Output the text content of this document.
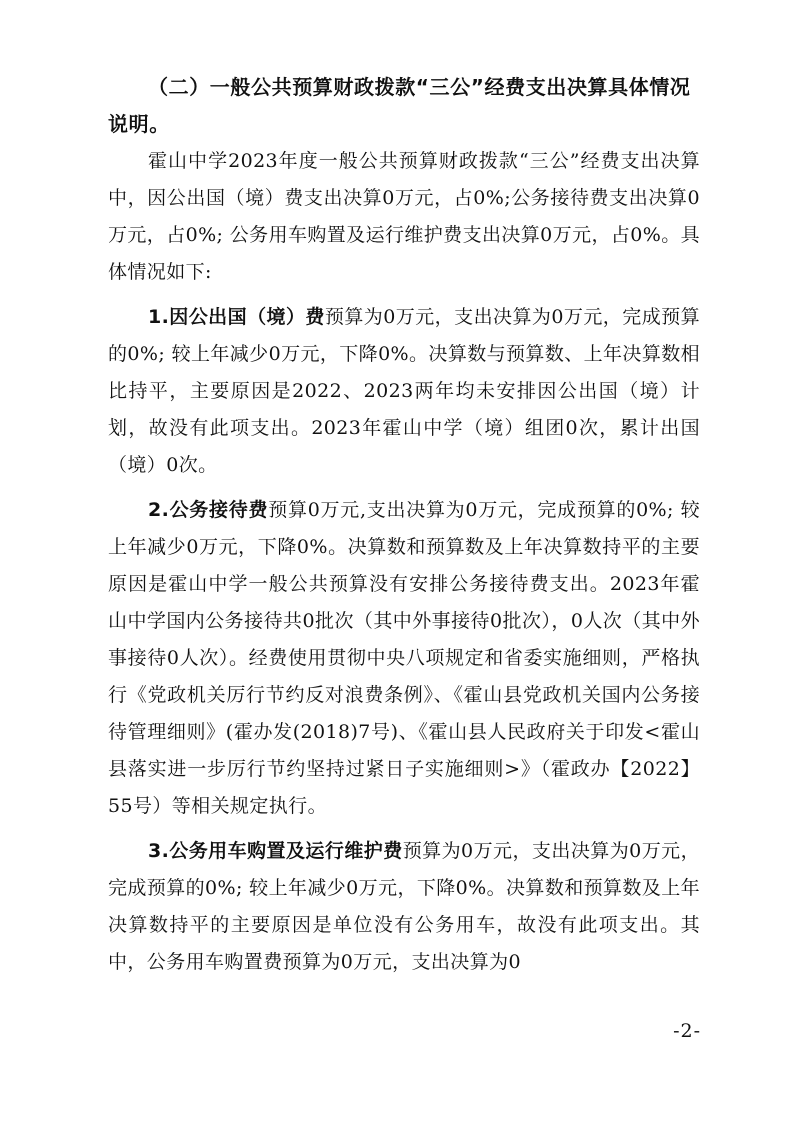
（二）一般公共预算财政拨款“三公”经费支出决算具体情况说明。

霍山中学2023年度一般公共预算财政拨款“三公”经费支出决算中，因公出国（境）费支出决算0万元，占0%;公务接待费支出决算0万元，占0%; 公务用车购置及运行维护费支出决算0万元，占0%。具体情况如下:

1.因公出国（境）费预算为0万元，支出决算为0万元，完成预算的0%; 较上年减少0万元，下降0%。决算数与预算数、上年决算数相比持平，主要原因是2022、2023两年均未安排因公出国（境）计划，故没有此项支出。2023年霍山中学（境）组团0次，累计出国（境）0次。

2.公务接待费预算0万元,支出决算为0万元，完成预算的0%; 较上年减少0万元，下降0%。决算数和预算数及上年决算数持平的主要原因是霍山中学一般公共预算没有安排公务接待费支出。2023年霍山中学国内公务接待共0批次（其中外事接待0批次），0人次（其中外事接待0人次）。经费使用贯彻中央八项规定和省委实施细则，严格执行《党政机关厉行节约反对浪费条例》、《霍山县党政机关国内公务接待管理细则》(霍办发(2018)7号)、《霍山县人民政府关于印发<霍山县落实进一步厉行节约坚持过紧日子实施细则>》（霍政办【2022】55号）等相关规定执行。

3.公务用车购置及运行维护费预算为0万元，支出决算为0万元，完成预算的0%; 较上年减少0万元，下降0%。决算数和预算数及上年决算数持平的主要原因是单位没有公务用车，故没有此项支出。其中，公务用车购置费预算为0万元，支出决算为0

-2-
